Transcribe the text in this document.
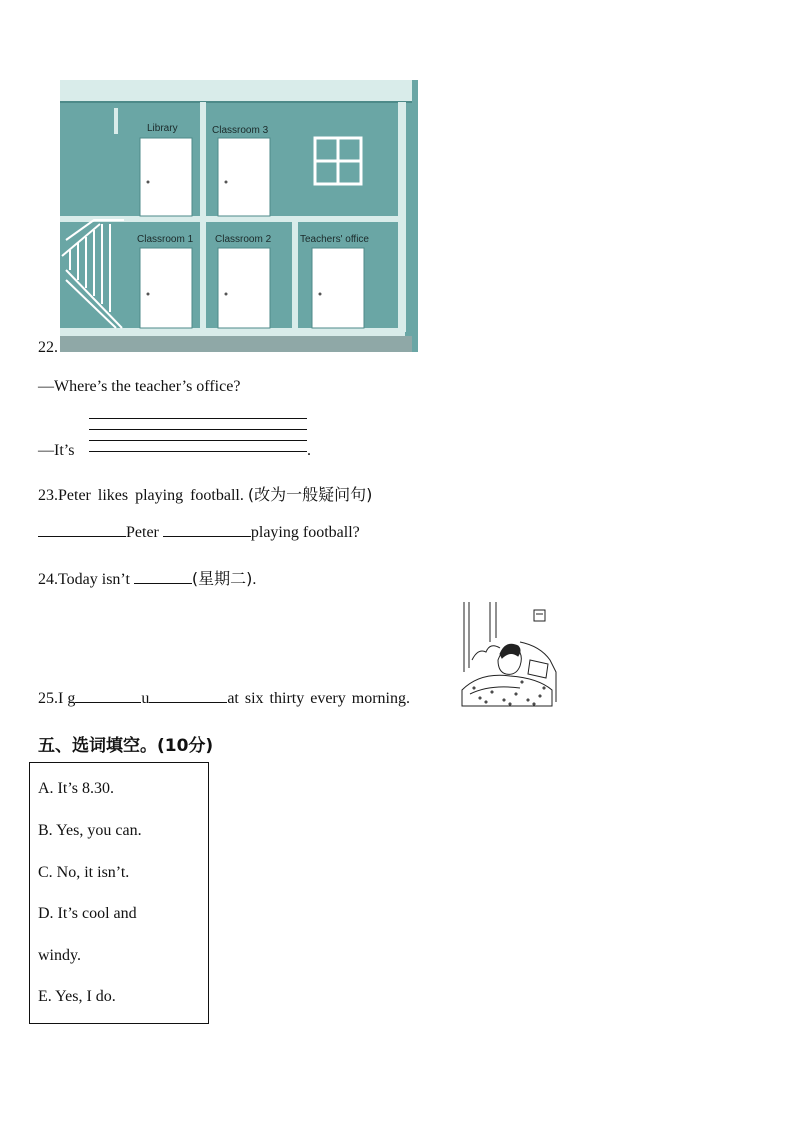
Library	Classroom 3
Classroom 1 Classroom 2	Teachers' office
22.
—Where’s the teacher’s office?
—It’s	.
23.Peter likes playing football. (改为一般疑问句)
Peter	playing football?
24.Today isn’t	(星期二).
25.I g	u	at six thirty every morning.
五、选词填空。(10分)
A. It’s 8.30.
B. Yes, you can.
C. No, it isn’t.
D. It’s cool and
windy.
E. Yes, I do.
